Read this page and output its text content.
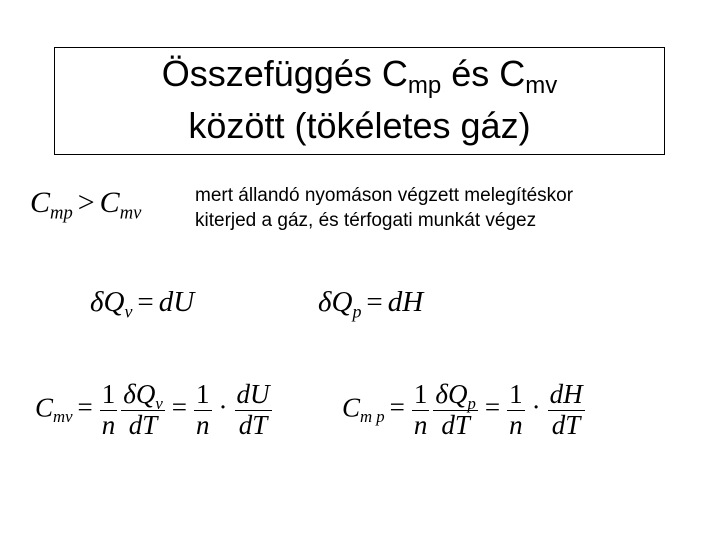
Összefüggés $C_{mp}$ és $C_{mv}$
között (tökéletes gáz)
$C_{mp} > C_{mv}$
mert állandó nyomáson végzett melegítéskor
kiterjed a gáz, és térfogati munkát végez
$\delta Q_v$ = dU	$\delta Q_p$ = dH
$C_{mv} = \frac{1}{n} \frac{\delta Q_v}{dT} = \frac{1}{n} \cdot \frac{dU}{dT}$	$C_{m p} = \frac{1}{n} \frac{\delta Q_p}{dT} = \frac{1}{n} \cdot \frac{dH}{dT}$
